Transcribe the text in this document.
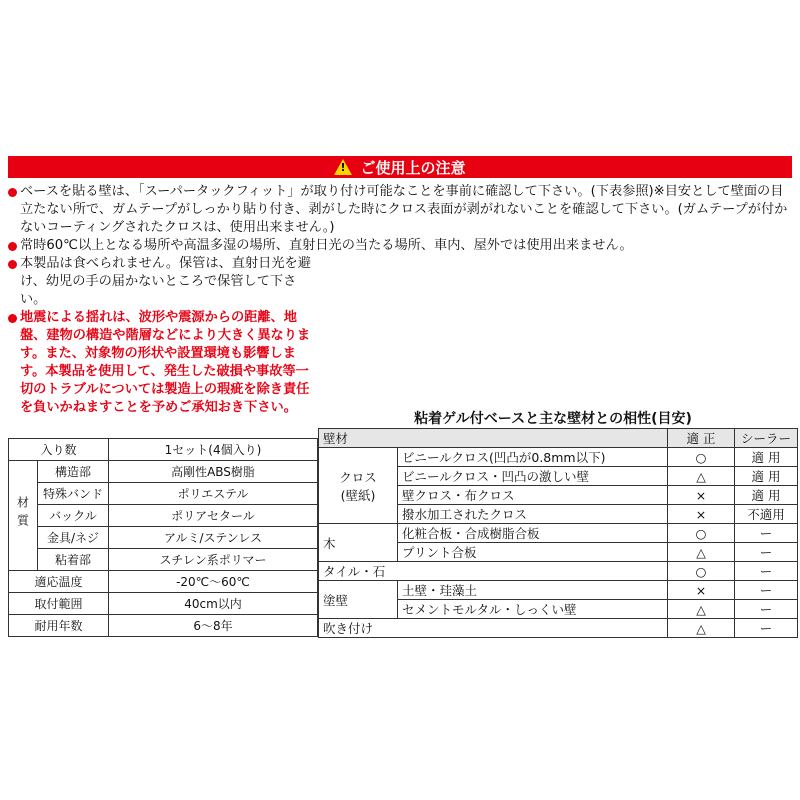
! ご使用上の注意
ベースを貼る壁は、「スーパータックフィット」が取り付け可能なことを事前に確認して下さい。(下表参照)※目安として壁面の目立たない所で、ガムテープがしっかり貼り付き、剥がした時にクロス表面が剥がれないことを確認して下さい。(ガムテープが付かないコーティングされたクロスは、使用出来ません。)
常時60℃以上となる場所や高温多湿の場所、直射日光の当たる場所、車内、屋外では使用出来ません。
本製品は食べられません。保管は、直射日光を避け、幼児の手の届かないところで保管して下さい。
地震による揺れは、波形や震源からの距離、地盤、建物の構造や階層などにより大きく異なります。また、対象物の形状や設置環境も影響します。本製品を使用して、発生した破損や事故等一切のトラブルについては製造上の瑕疵を除き責任を負いかねますことを予めご承知おき下さい。
入り数		1セット(4個入り)
材質	構造部	高剛性ABS樹脂
	特殊バンド	ポリエステル
	バックル	ポリアセタール
	金具/ネジ	アルミ/ステンレス
	粘着部	スチレン系ポリマー
適応温度		-20℃〜60℃
取付範囲		40cm以内
耐用年数		6〜8年
粘着ゲル付ベースと主な壁材との相性(目安)
壁材		適 正	シーラー
クロス
(壁紙)	ビニールクロス(凹凸が0.8mm以下)	○	適 用
	ビニールクロス・凹凸の激しい壁	△	適 用
	壁クロス・布クロス	×	適 用
	撥水加工されたクロス	×	不適用
木	化粧合板・合成樹脂合板	○	ー
	プリント合板	△	ー
タイル・石		○	ー
塗壁	土壁・珪藻土	×	ー
	セメントモルタル・しっくい壁	△	ー
吹き付け		△	ー
